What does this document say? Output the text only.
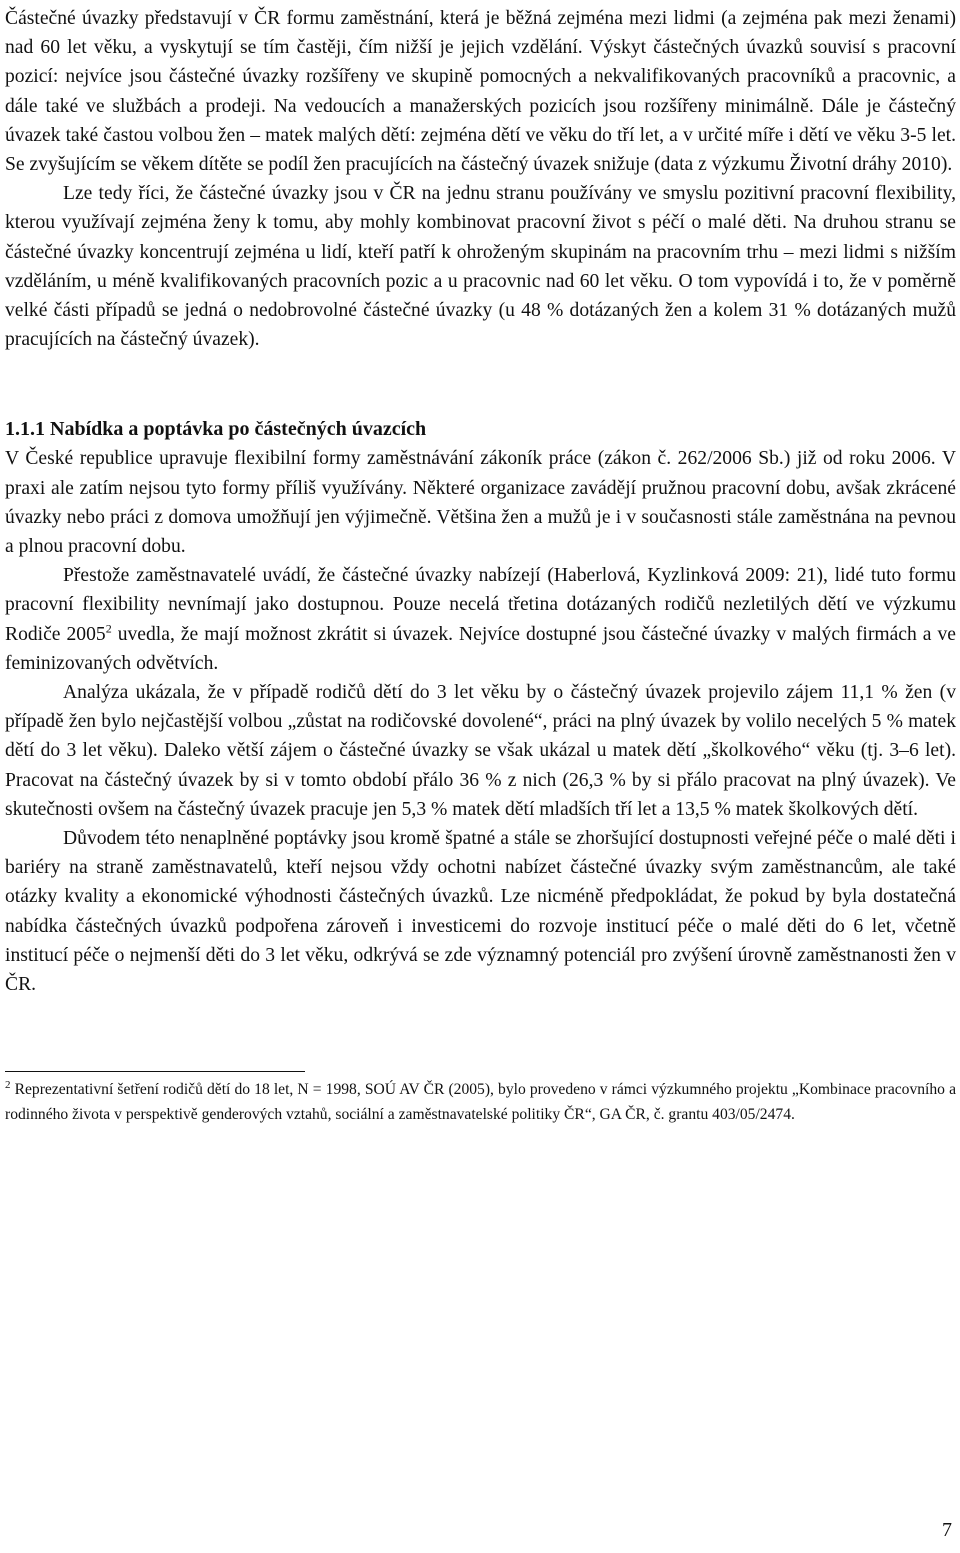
Částečné úvazky představují v ČR formu zaměstnání, která je běžná zejména mezi lidmi (a zejména pak mezi ženami) nad 60 let věku, a vyskytují se tím častěji, čím nižší je jejich vzdělání. Výskyt částečných úvazků souvisí s pracovní pozicí: nejvíce jsou částečné úvazky rozšířeny ve skupině pomocných a nekvalifikovaných pracovníků a pracovnic, a dále také ve službách a prodeji. Na vedoucích a manažerských pozicích jsou rozšířeny minimálně. Dále je částečný úvazek také častou volbou žen – matek malých dětí: zejména dětí ve věku do tří let, a v určité míře i dětí ve věku 3-5 let. Se zvyšujícím se věkem dítěte se podíl žen pracujících na částečný úvazek snižuje (data z výzkumu Životní dráhy 2010).

Lze tedy říci, že částečné úvazky jsou v ČR na jednu stranu používány ve smyslu pozitivní pracovní flexibility, kterou využívají zejména ženy k tomu, aby mohly kombinovat pracovní život s péčí o malé děti. Na druhou stranu se částečné úvazky koncentrují zejména u lidí, kteří patří k ohroženým skupinám na pracovním trhu – mezi lidmi s nižším vzděláním, u méně kvalifikovaných pracovních pozic a u pracovnic nad 60 let věku. O tom vypovídá i to, že v poměrně velké části případů se jedná o nedobrovolné částečné úvazky (u 48 % dotázaných žen a kolem 31 % dotázaných mužů pracujících na částečný úvazek).

1.1.1 Nabídka a poptávka po částečných úvazcích

V České republice upravuje flexibilní formy zaměstnávání zákoník práce (zákon č. 262/2006 Sb.) již od roku 2006. V praxi ale zatím nejsou tyto formy příliš využívány. Některé organizace zavádějí pružnou pracovní dobu, avšak zkrácené úvazky nebo práci z domova umožňují jen výjimečně. Většina žen a mužů je i v současnosti stále zaměstnána na pevnou a plnou pracovní dobu.

Přestože zaměstnavatelé uvádí, že částečné úvazky nabízejí (Haberlová, Kyzlinková 2009: 21), lidé tuto formu pracovní flexibility nevnímají jako dostupnou. Pouze necelá třetina dotázaných rodičů nezletilých dětí ve výzkumu Rodiče 2005$^2$ uvedla, že mají možnost zkrátit si úvazek. Nejvíce dostupné jsou částečné úvazky v malých firmách a ve feminizovaných odvětvích.

Analýza ukázala, že v případě rodičů dětí do 3 let věku by o částečný úvazek projevilo zájem 11,1 % žen (v případě žen bylo nejčastější volbou „zůstat na rodičovské dovolené“, práci na plný úvazek by volilo necelých 5 % matek dětí do 3 let věku). Daleko větší zájem o částečné úvazky se však ukázal u matek dětí „školkového“ věku (tj. 3–6 let). Pracovat na částečný úvazek by si v tomto období přálo 36 % z nich (26,3 % by si přálo pracovat na plný úvazek). Ve skutečnosti ovšem na částečný úvazek pracuje jen 5,3 % matek dětí mladších tří let a 13,5 % matek školkových dětí.

Důvodem této nenaplněné poptávky jsou kromě špatné a stále se zhoršující dostupnosti veřejné péče o malé děti i bariéry na straně zaměstnavatelů, kteří nejsou vždy ochotni nabízet částečné úvazky svým zaměstnancům, ale také otázky kvality a ekonomické výhodnosti částečných úvazků. Lze nicméně předpokládat, že pokud by byla dostatečná nabídka částečných úvazků podpořena zároveň i investicemi do rozvoje institucí péče o malé děti do 6 let, včetně institucí péče o nejmenší děti do 3 let věku, odkrývá se zde významný potenciál pro zvýšení úrovně zaměstnanosti žen v ČR.

$^2$ Reprezentativní šetření rodičů dětí do 18 let, N = 1998, SOÚ AV ČR (2005), bylo provedeno v rámci výzkumného projektu „Kombinace pracovního a rodinného života v perspektivě genderových vztahů, sociální a zaměstnavatelské politiky ČR“, GA ČR, č. grantu 403/05/2474.

7
